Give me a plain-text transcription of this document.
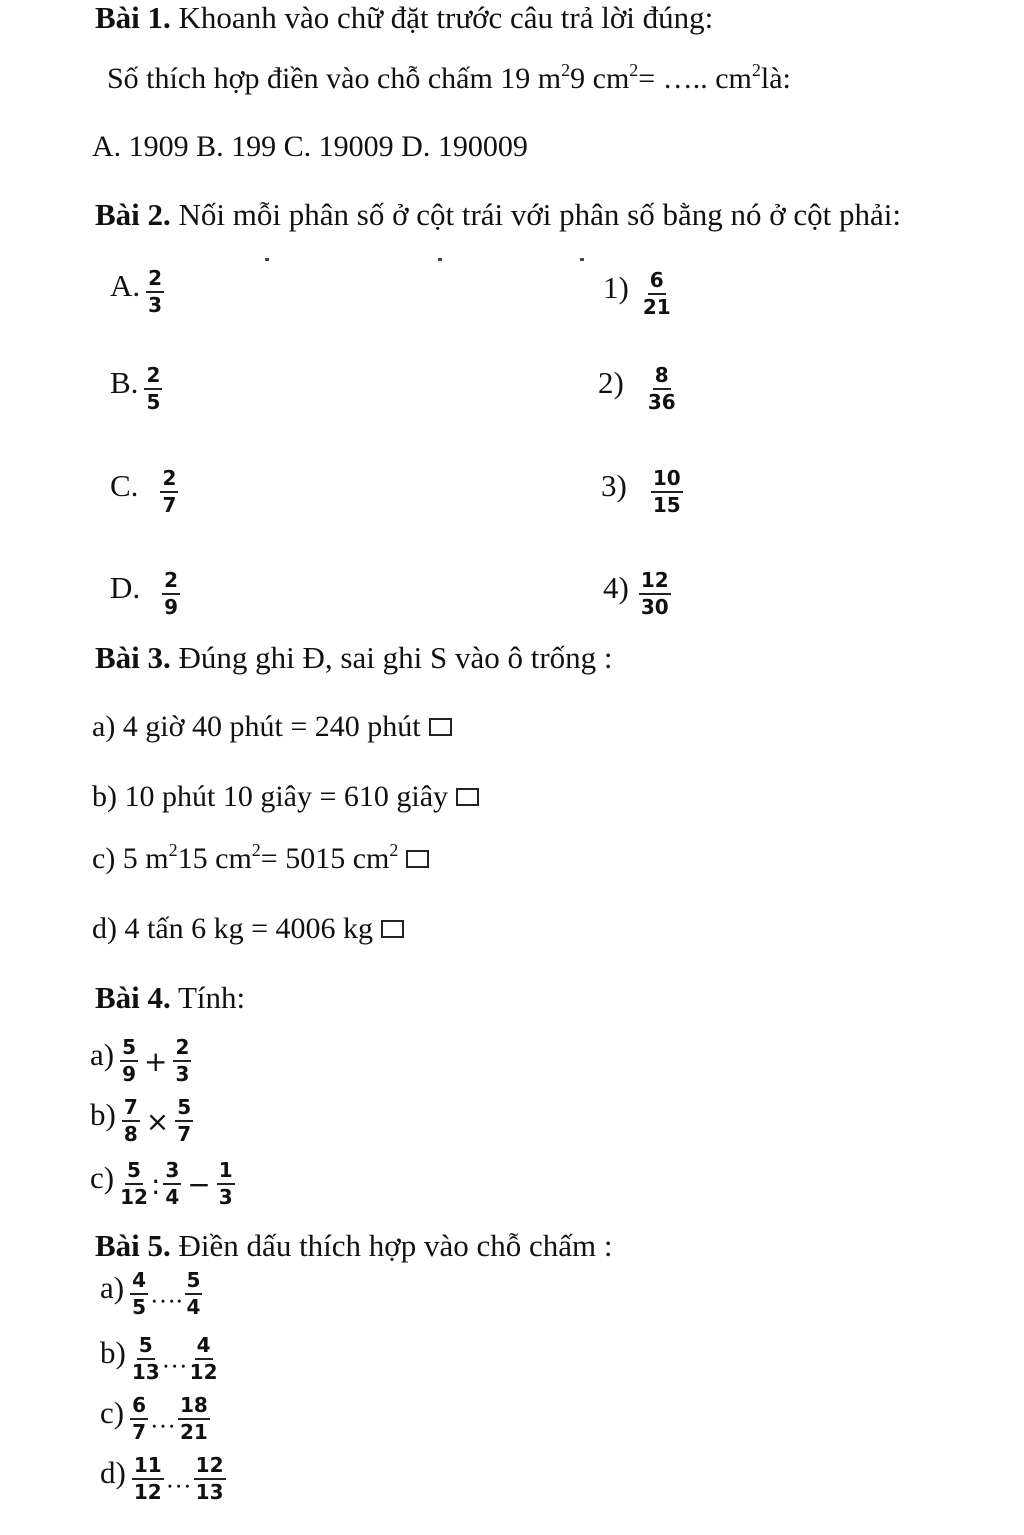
Bài 1. Khoanh vào chữ đặt trước câu trả lời đúng:
Số thích hợp điền vào chỗ chấm 19 $m^29$ $cm^2=$ ….. $cm^2là$:
A. 1909 B. 199 C. 19009 D. 190009
Bài 2. Nối mỗi phân số ở cột trái với phân số bằng nó ở cột phải:
A. $\frac{2}{3}$
B. $\frac{2}{5}$
C. $\frac{2}{7}$
D. $\frac{2}{9}$
$1) \frac{6}{21}$
$2) \frac{8}{36}$
$3) \frac{10}{15}$
$4) \frac{12}{30}$
Bài 3. Đúng ghi Đ, sai ghi S vào ô trống :
a) 4 giờ 40 phút = 240 phút
b) 10 phút 10 giây = 610 giây
c) 5 $m^215$ $cm^2= 5015$ $cm^2$
d) 4 tấn 6 kg = 4006 kg
Bài 4. Tính:
$a) \frac{5}{9} + \frac{2}{3}$
$b) \frac{7}{8} \times \frac{5}{7}$
$c) \frac{5}{12}$ : $\frac{3}{4} - \frac{1}{3}$
Bài 5. Điền dấu thích hợp vào chỗ chấm :
$a) \frac{4}{5}$ …. $\frac{5}{4}$
$b) \frac{5}{13}$ … $\frac{4}{12}$
$c) \frac{6}{7}$ … $\frac{18}{21}$
$d) \frac{11}{12}$ … $\frac{12}{13}$
